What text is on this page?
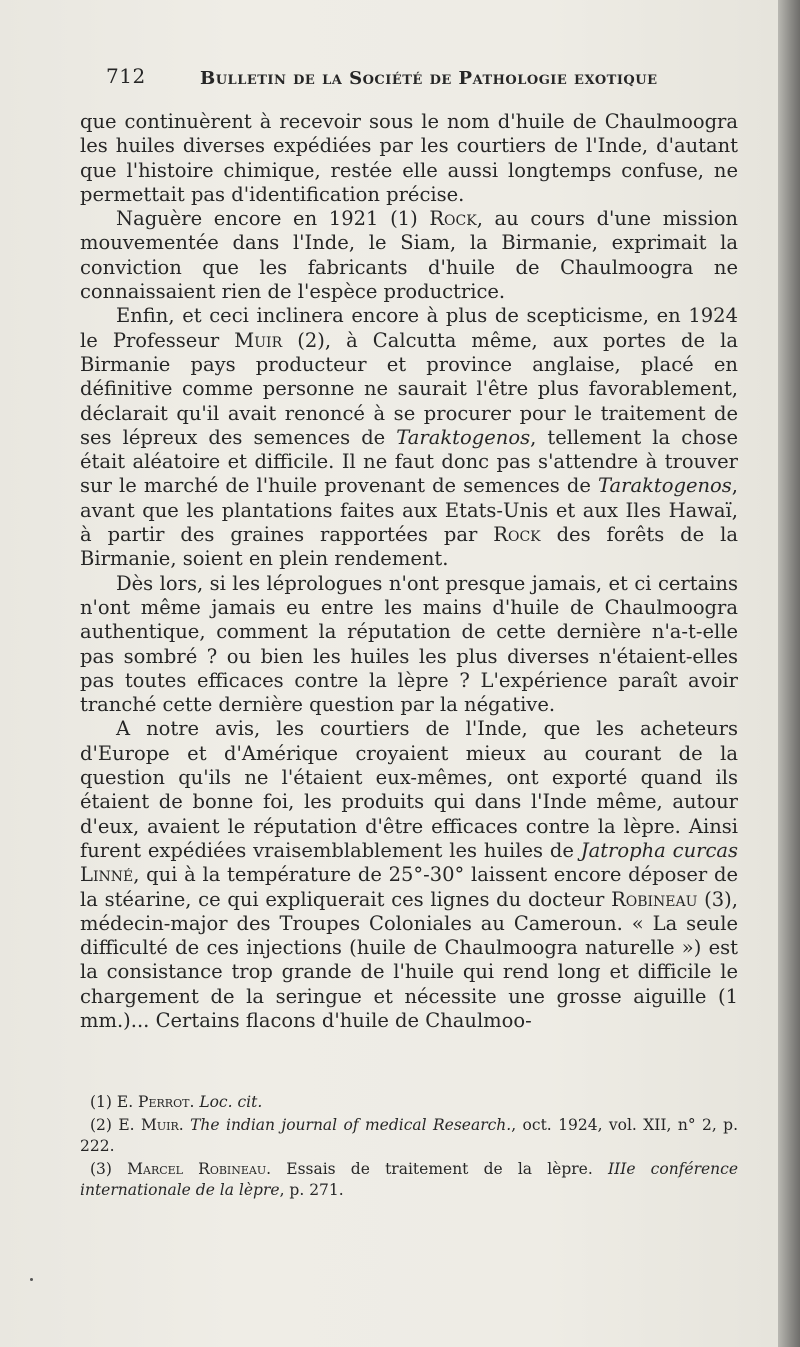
712	Bulletin de la Société de Pathologie exotique

que continuèrent à recevoir sous le nom d'huile de Chaulmoogra les huiles diverses expédiées par les courtiers de l'Inde, d'autant que l'histoire chimique, restée elle aussi longtemps confuse, ne permettait pas d'identification précise.

Naguère encore en 1921 (1) Rock, au cours d'une mission mouvementée dans l'Inde, le Siam, la Birmanie, exprimait la conviction que les fabricants d'huile de Chaulmoogra ne connaissaient rien de l'espèce productrice.

Enfin, et ceci inclinera encore à plus de scepticisme, en 1924 le Professeur Muir (2), à Calcutta même, aux portes de la Birmanie pays producteur et province anglaise, placé en définitive comme personne ne saurait l'être plus favorablement, déclarait qu'il avait renoncé à se procurer pour le traitement de ses lépreux des semences de Taraktogenos, tellement la chose était aléatoire et difficile. Il ne faut donc pas s'attendre à trouver sur le marché de l'huile provenant de semences de Taraktogenos, avant que les plantations faites aux Etats-Unis et aux Iles Hawaï, à partir des graines rapportées par Rock des forêts de la Birmanie, soient en plein rendement.

Dès lors, si les léprologues n'ont presque jamais, et ci certains n'ont même jamais eu entre les mains d'huile de Chaulmoogra authentique, comment la réputation de cette dernière n'a-t-elle pas sombré ? ou bien les huiles les plus diverses n'étaient-elles pas toutes efficaces contre la lèpre ? L'expérience paraît avoir tranché cette dernière question par la négative.

A notre avis, les courtiers de l'Inde, que les acheteurs d'Europe et d'Amérique croyaient mieux au courant de la question qu'ils ne l'étaient eux-mêmes, ont exporté quand ils étaient de bonne foi, les produits qui dans l'Inde même, autour d'eux, avaient le réputation d'être efficaces contre la lèpre. Ainsi furent expédiées vraisemblablement les huiles de Jatropha curcas Linné, qui à la température de 25°-30° laissent encore déposer de la stéarine, ce qui expliquerait ces lignes du docteur Robineau (3), médecin-major des Troupes Coloniales au Cameroun. « La seule difficulté de ces injections (huile de Chaulmoogra naturelle ») est la consistance trop grande de l'huile qui rend long et difficile le chargement de la seringue et nécessite une grosse aiguille (1 mm.)... Certains flacons d'huile de Chaulmoo-

(1) E. Perrot. Loc. cit.

(2) E. Muir. The indian journal of medical Research., oct. 1924, vol. XII, n° 2, p. 222.

(3) Marcel Robineau. Essais de traitement de la lèpre. IIIe conférence internationale de la lèpre, p. 271.
